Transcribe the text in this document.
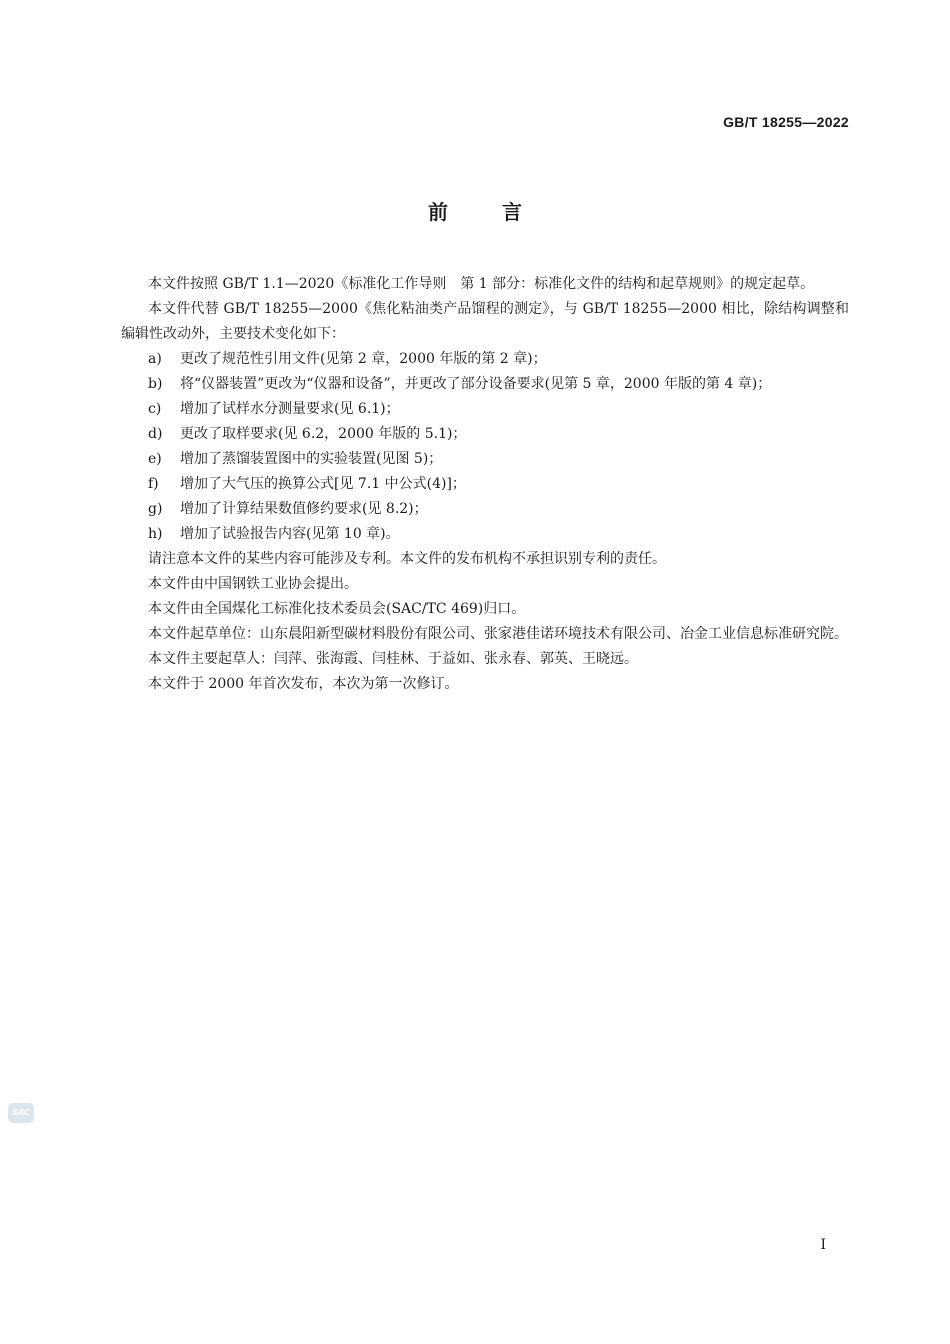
GB/T 18255—2022
前言

本文件按照 GB/T 1.1—2020《标准化工作导则　第 1 部分：标准化文件的结构和起草规则》的规定起草。

本文件代替 GB/T 18255—2000《焦化粘油类产品馏程的测定》，与 GB/T 18255—2000 相比，除结构调整和编辑性改动外，主要技术变化如下：

a)	更改了规范性引用文件(见第 2 章，2000 年版的第 2 章)；
b)	将“仪器装置”更改为“仪器和设备”，并更改了部分设备要求(见第 5 章，2000 年版的第 4 章)；
c)	增加了试样水分测量要求(见 6.1)；
d)	更改了取样要求(见 6.2，2000 年版的 5.1)；
e)	增加了蒸馏装置图中的实验装置(见图 5)；
f)	增加了大气压的换算公式[见 7.1 中公式(4)]；
g)	增加了计算结果数值修约要求(见 8.2)；
h)	增加了试验报告内容(见第 10 章)。

请注意本文件的某些内容可能涉及专利。本文件的发布机构不承担识别专利的责任。

本文件由中国钢铁工业协会提出。

本文件由全国煤化工标准化技术委员会(SAC/TC 469)归口。

本文件起草单位：山东晨阳新型碳材料股份有限公司、张家港佳诺环境技术有限公司、冶金工业信息标准研究院。

本文件主要起草人：闫萍、张海霞、闫桂林、于益如、张永春、郭英、王晓远。

本文件于 2000 年首次发布，本次为第一次修订。

SAC
I
